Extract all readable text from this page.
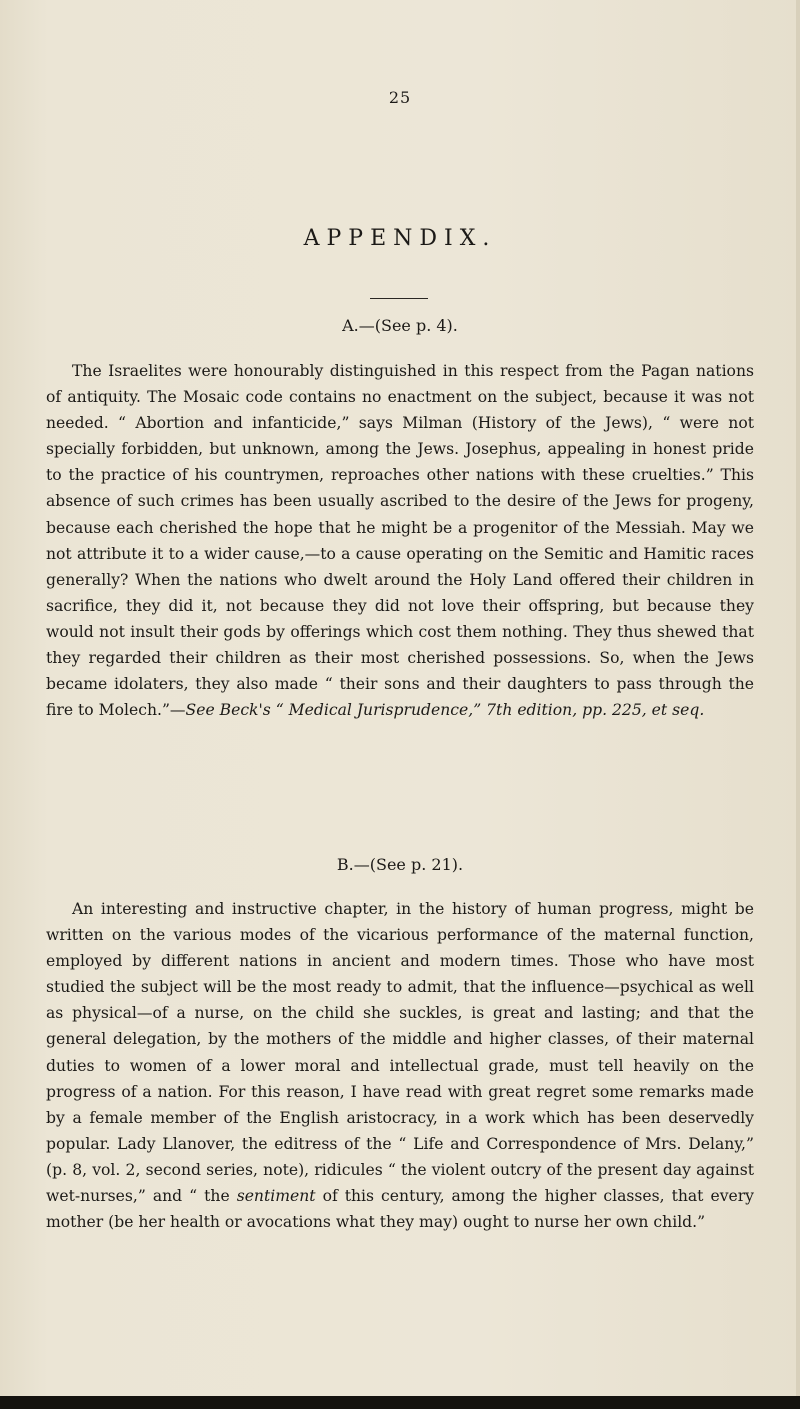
25
APPENDIX.
A.—(See p. 4).

The Israelites were honourably distinguished in this respect from the Pagan nations of antiquity. The Mosaic code contains no enactment on the subject, because it was not needed. “ Abortion and infanticide,” says Milman (History of the Jews), “ were not specially forbidden, but unknown, among the Jews. Josephus, appealing in honest pride to the practice of his countrymen, reproaches other nations with these cruelties.” This absence of such crimes has been usually ascribed to the desire of the Jews for progeny, because each cherished the hope that he might be a progenitor of the Messiah. May we not attribute it to a wider cause,—to a cause operating on the Semitic and Hamitic races generally? When the nations who dwelt around the Holy Land offered their children in sacrifice, they did it, not because they did not love their offspring, but because they would not insult their gods by offerings which cost them nothing. They thus shewed that they regarded their children as their most cherished possessions. So, when the Jews became idolaters, they also made “ their sons and their daughters to pass through the fire to Molech.”—See Beck's “ Medical Jurisprudence,” 7th edition, pp. 225, et seq.

B.—(See p. 21).

An interesting and instructive chapter, in the history of human progress, might be written on the various modes of the vicarious performance of the maternal function, employed by different nations in ancient and modern times. Those who have most studied the subject will be the most ready to admit, that the influence—psychical as well as physical—of a nurse, on the child she suckles, is great and lasting; and that the general delegation, by the mothers of the middle and higher classes, of their maternal duties to women of a lower moral and intellectual grade, must tell heavily on the progress of a nation. For this reason, I have read with great regret some remarks made by a female member of the English aristocracy, in a work which has been deservedly popular. Lady Llanover, the editress of the “ Life and Correspondence of Mrs. Delany,” (p. 8, vol. 2, second series, note), ridicules “ the violent outcry of the present day against wet-nurses,” and “ the sentiment of this century, among the higher classes, that every mother (be her health or avocations what they may) ought to nurse her own child.”
